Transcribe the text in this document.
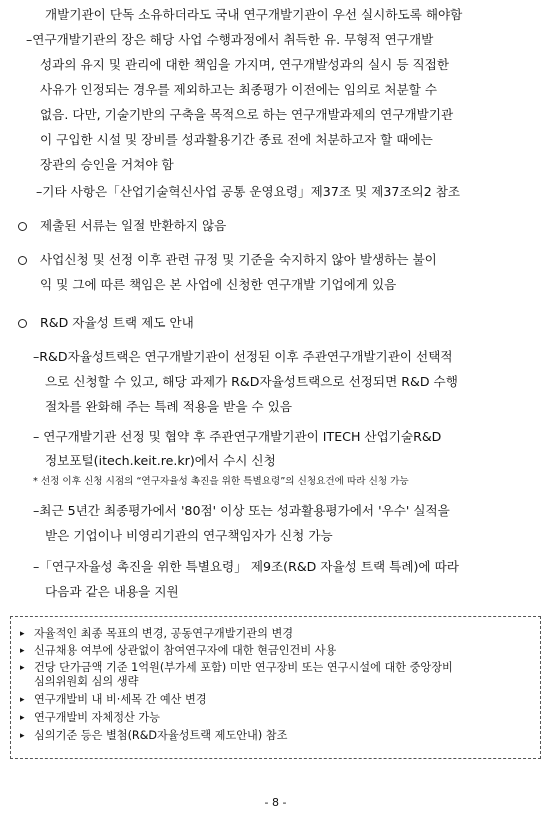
개발기관이 단독 소유하더라도 국내 연구개발기관이 우선 실시하도록 해야함
–연구개발기관의 장은 해당 사업 수행과정에서 취득한 유. 무형적 연구개발
성과의 유지 및 관리에 대한 책임을 가지며, 연구개발성과의 실시 등 직접한
사유가 인정되는 경우를 제외하고는 최종평가 이전에는 임의로 처분할 수
없음. 다만, 기술기반의 구축을 목적으로 하는 연구개발과제의 연구개발기관
이 구입한 시설 및 장비를 성과활용기간 종료 전에 처분하고자 할 때에는
장관의 승인을 거쳐야 함
–기타 사항은「산업기술혁신사업 공통 운영요령」제37조 및 제37조의2 참조
제출된 서류는 일절 반환하지 않음
사업신청 및 선정 이후 관련 규정 및 기준을 숙지하지 않아 발생하는 불이
익 및 그에 따른 책임은 본 사업에 신청한 연구개발 기업에게 있음
R&D 자율성 트랙 제도 안내
–R&D자율성트랙은 연구개발기관이 선정된 이후 주관연구개발기관이 선택적
으로 신청할 수 있고, 해당 과제가 R&D자율성트랙으로 선정되면 R&D 수행
절차를 완화해 주는 특례 적용을 받을 수 있음
– 연구개발기관 선정 및 협약 후 주관연구개발기관이 ITECH 산업기술R&D
정보포털(itech.keit.re.kr)에서 수시 신청
* 선정 이후 신청 시점의 “연구자율성 촉진을 위한 특별요령”의 신청요건에 따라 신청 가능
–최근 5년간 최종평가에서 '80점' 이상 또는 성과활용평가에서 '우수' 실적을
받은 기업이나 비영리기관의 연구책임자가 신청 가능
–「연구자율성 촉진을 위한 특별요령」 제9조(R&D 자율성 트랙 특례)에 따라
다음과 같은 내용을 지원
▸ 자율적인 최종 목표의 변경, 공동연구개발기관의 변경
▸ 신규채용 여부에 상관없이 참여연구자에 대한 현금인건비 사용
▸ 건당 단가금액 기준 1억원(부가세 포함) 미만 연구장비 또는 연구시설에 대한 중앙장비
심의위원회 심의 생략
▸ 연구개발비 내 비·세목 간 예산 변경
▸ 연구개발비 자체정산 가능
▸ 심의기준 등은 별첨(R&D자율성트랙 제도안내) 참조
- 8 -
